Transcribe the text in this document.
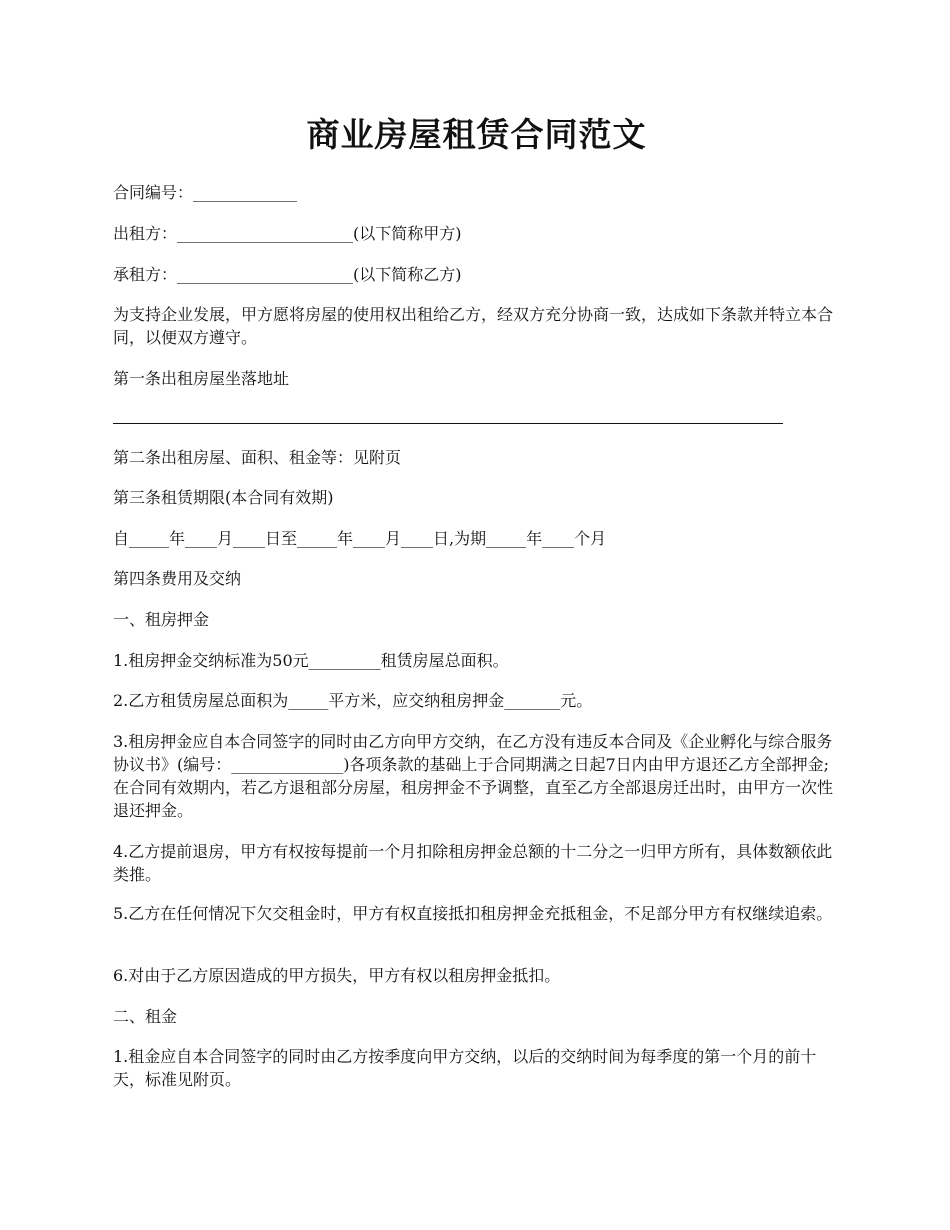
商业房屋租赁合同范文

合同编号：_____________

出租方：______________________(以下简称甲方)

承租方：______________________(以下简称乙方)

为支持企业发展，甲方愿将房屋的使用权出租给乙方，经双方充分协商一致，达成如下条款并特立本合同，以便双方遵守。

第一条出租房屋坐落地址

第二条出租房屋、面积、租金等：见附页

第三条租赁期限(本合同有效期)

自_____年____月____日至_____年____月____日,为期_____年____个月

第四条费用及交纳

一、租房押金

1.租房押金交纳标准为50元_________租赁房屋总面积。

2.乙方租赁房屋总面积为_____平方米，应交纳租房押金_______元。

3.租房押金应自本合同签字的同时由乙方向甲方交纳，在乙方没有违反本合同及《企业孵化与综合服务协议书》(编号：______________)各项条款的基础上于合同期满之日起7日内由甲方退还乙方全部押金;在合同有效期内，若乙方退租部分房屋，租房押金不予调整，直至乙方全部退房迁出时，由甲方一次性退还押金。

4.乙方提前退房，甲方有权按每提前一个月扣除租房押金总额的十二分之一归甲方所有，具体数额依此类推。

5.乙方在任何情况下欠交租金时，甲方有权直接抵扣租房押金充抵租金，不足部分甲方有权继续追索。

6.对由于乙方原因造成的甲方损失，甲方有权以租房押金抵扣。

二、租金

1.租金应自本合同签字的同时由乙方按季度向甲方交纳，以后的交纳时间为每季度的第一个月的前十天，标准见附页。
